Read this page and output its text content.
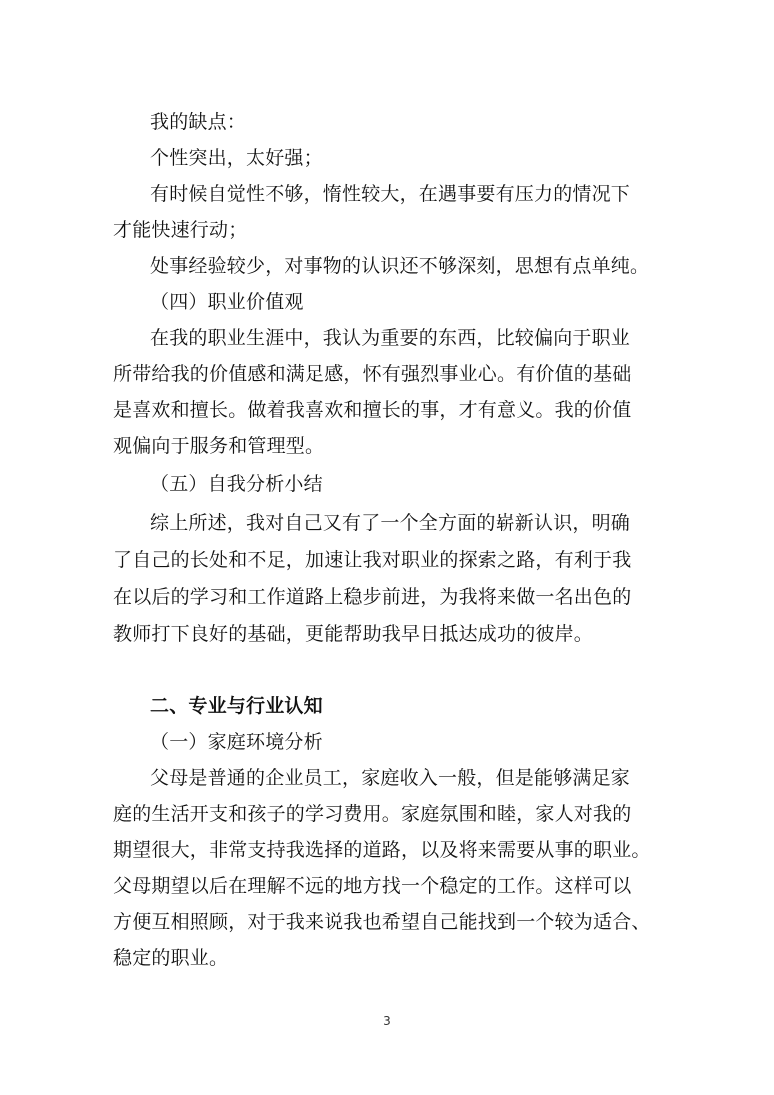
我的缺点：

个性突出，太好强；

有时候自觉性不够，惰性较大，在遇事要有压力的情况下

才能快速行动；

处事经验较少，对事物的认识还不够深刻，思想有点单纯。

（四）职业价值观

在我的职业生涯中，我认为重要的东西，比较偏向于职业

所带给我的价值感和满足感，怀有强烈事业心。有价值的基础

是喜欢和擅长。做着我喜欢和擅长的事，才有意义。我的价值

观偏向于服务和管理型。

（五）自我分析小结

综上所述，我对自己又有了一个全方面的崭新认识，明确

了自己的长处和不足，加速让我对职业的探索之路，有利于我

在以后的学习和工作道路上稳步前进，为我将来做一名出色的

教师打下良好的基础，更能帮助我早日抵达成功的彼岸。

二、专业与行业认知

（一）家庭环境分析

父母是普通的企业员工，家庭收入一般，但是能够满足家

庭的生活开支和孩子的学习费用。家庭氛围和睦，家人对我的

期望很大，非常支持我选择的道路，以及将来需要从事的职业。

父母期望以后在理解不远的地方找一个稳定的工作。这样可以

方便互相照顾，对于我来说我也希望自己能找到一个较为适合、

稳定的职业。

3
